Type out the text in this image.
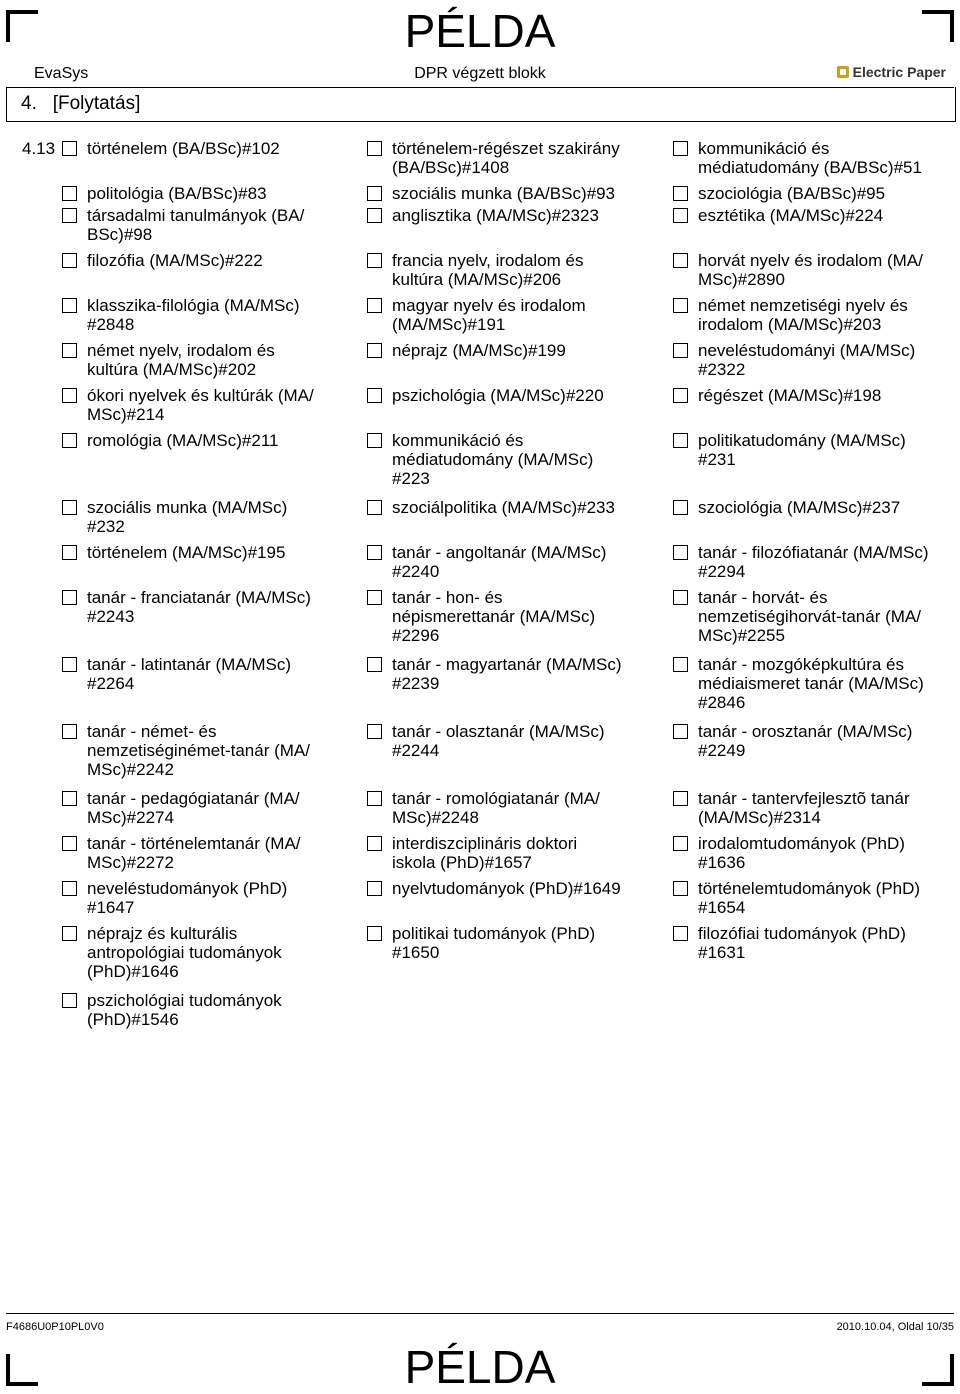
PÉLDA
EvaSys	DPR végzett blokk	Electric Paper
4. [Folytatás]
4.13 történelem (BA/BSc)#102
politológia (BA/BSc)#83
társadalmi tanulmányok (BA/
BSc)#98
filozófia (MA/MSc)#222
klasszika-filológia (MA/MSc)
#2848
német nyelv, irodalom és
kultúra (MA/MSc)#202
ókori nyelvek és kultúrák (MA/
MSc)#214
romológia (MA/MSc)#211
szociális munka (MA/MSc)
#232
történelem (MA/MSc)#195
tanár - franciatanár (MA/MSc)
#2243
tanár - latintanár (MA/MSc)
#2264
tanár - német- és
nemzetiséginémet-tanár (MA/
MSc)#2242
tanár - pedagógiatanár (MA/
MSc)#2274
tanár - történelemtanár (MA/
MSc)#2272
neveléstudományok (PhD)
#1647
néprajz és kulturális
antropológiai tudományok
(PhD)#1646
pszichológiai tudományok
(PhD)#1546
történelem-régészet szakirány
(BA/BSc)#1408
szociális munka (BA/BSc)#93
anglisztika (MA/MSc)#2323
francia nyelv, irodalom és
kultúra (MA/MSc)#206
magyar nyelv és irodalom
(MA/MSc)#191
néprajz (MA/MSc)#199
pszichológia (MA/MSc)#220
kommunikáció és
médiatudomány (MA/MSc)
#223
szociálpolitika (MA/MSc)#233
tanár - angoltanár (MA/MSc)
#2240
tanár - hon- és
népismerettanár (MA/MSc)
#2296
tanár - magyartanár (MA/MSc)
#2239
tanár - olasztanár (MA/MSc)
#2244
tanár - romológiatanár (MA/
MSc)#2248
interdiszciplináris doktori
iskola (PhD)#1657
nyelvtudományok (PhD)#1649
politikai tudományok (PhD)
#1650
kommunikáció és
médiatudomány (BA/BSc)#51
szociológia (BA/BSc)#95
esztétika (MA/MSc)#224
horvát nyelv és irodalom (MA/
MSc)#2890
német nemzetiségi nyelv és
irodalom (MA/MSc)#203
neveléstudományi (MA/MSc)
#2322
régészet (MA/MSc)#198
politikatudomány (MA/MSc)
#231
szociológia (MA/MSc)#237
tanár - filozófiatanár (MA/MSc)
#2294
tanár - horvát- és
nemzetiségihorvát-tanár (MA/
MSc)#2255
tanár - mozgóképkultúra és
médiaismeret tanár (MA/MSc)
#2846
tanár - orosztanár (MA/MSc)
#2249
tanár - tantervfejlesztõ tanár
(MA/MSc)#2314
irodalomtudományok (PhD)
#1636
történelemtudományok (PhD)
#1654
filozófiai tudományok (PhD)
#1631
PÉLDA
F4686U0P10PL0V0	2010.10.04, Oldal 10/35
